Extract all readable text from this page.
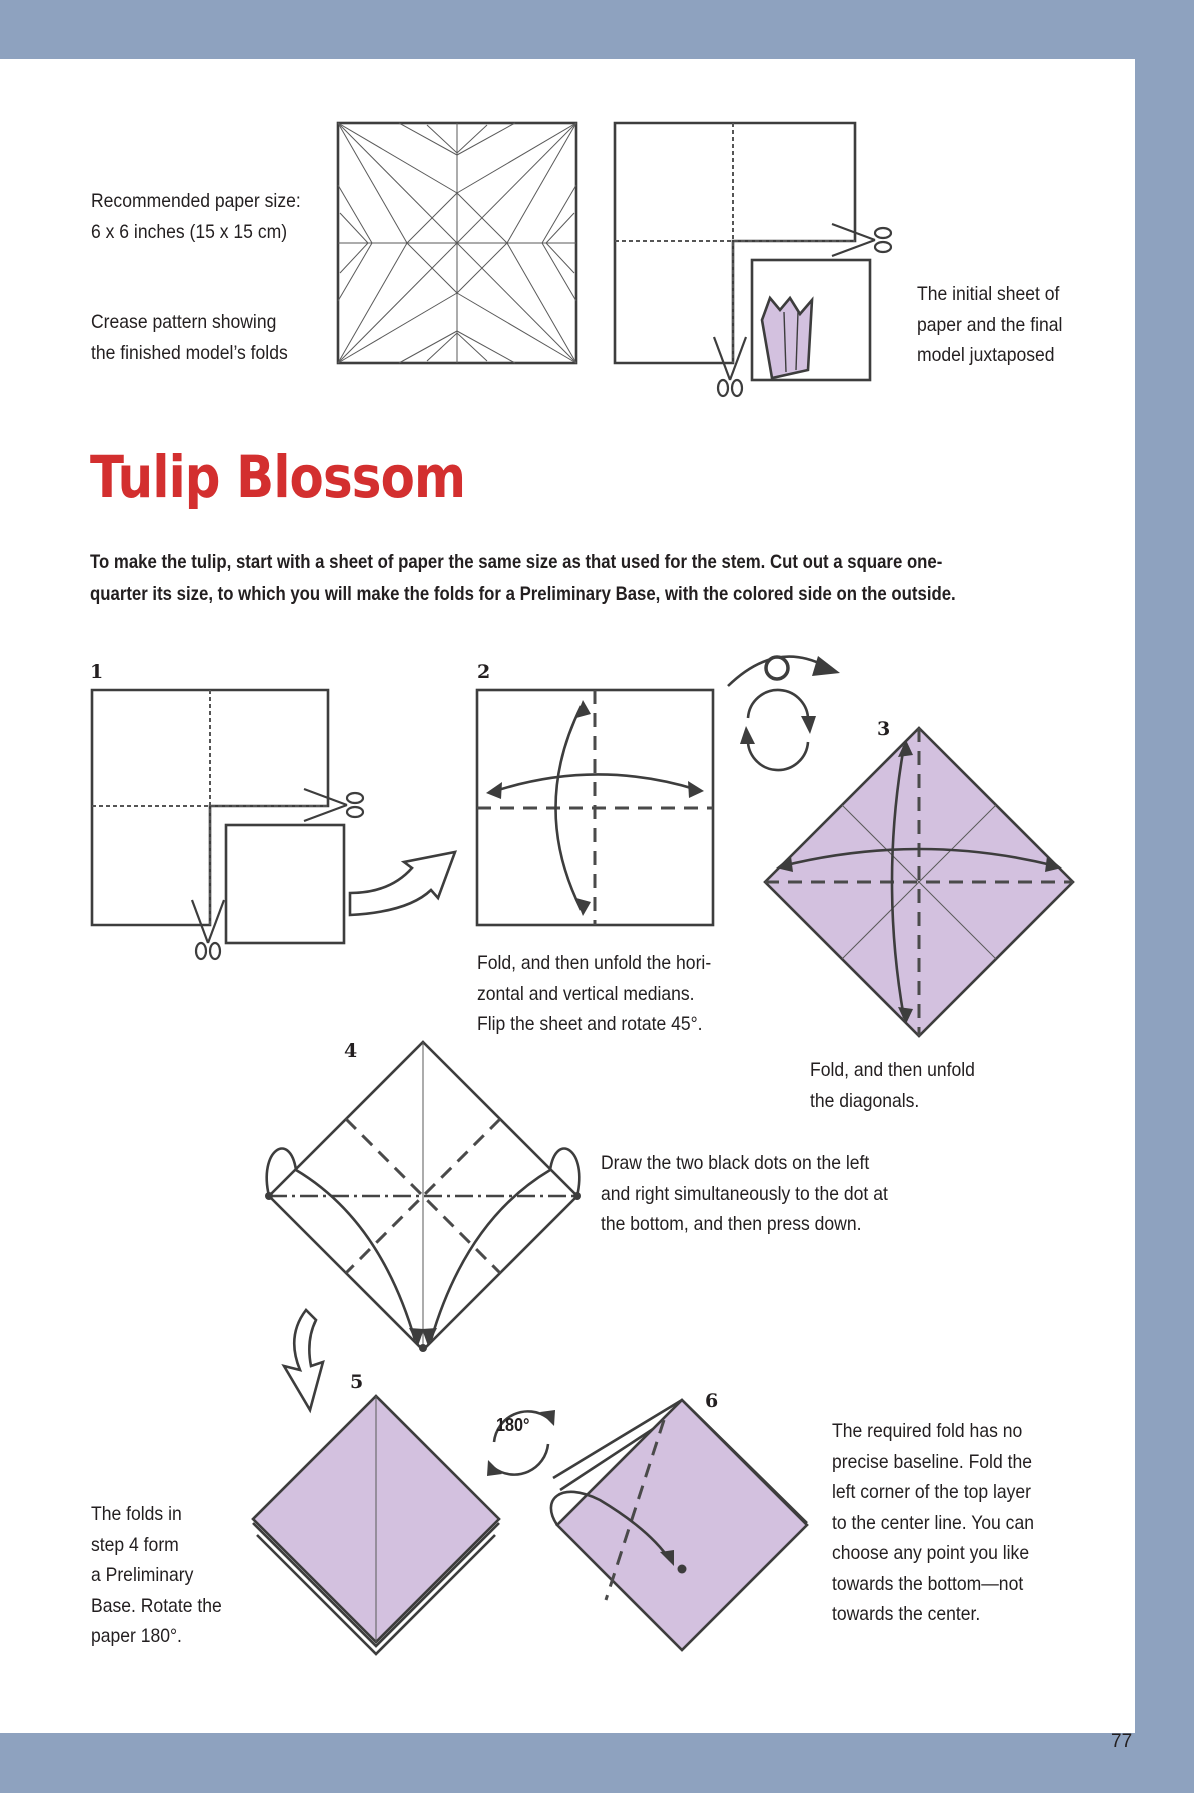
Recommended paper size:
6 x 6 inches (15 x 15 cm)
Crease pattern showing
the finished model’s folds
The initial sheet of
paper and the final
model juxtaposed
Tulip Blossom
To make the tulip, start with a sheet of paper the same size as that used for the stem. Cut out a square one-
quarter its size, to which you will make the folds for a Preliminary Base, with the colored side on the outside.
1	2
3
4
5
6
Fold, and then unfold the hori-
zontal and vertical medians.
Flip the sheet and rotate 45°.
Fold, and then unfold
the diagonals.
Draw the two black dots on the left
and right simultaneously to the dot at
the bottom, and then press down.
The folds in
step 4 form
a Preliminary
Base. Rotate the
paper 180°.
The required fold has no
precise baseline. Fold the
left corner of the top layer
to the center line. You can
choose any point you like
towards the bottom—not
towards the center.
180°
77
